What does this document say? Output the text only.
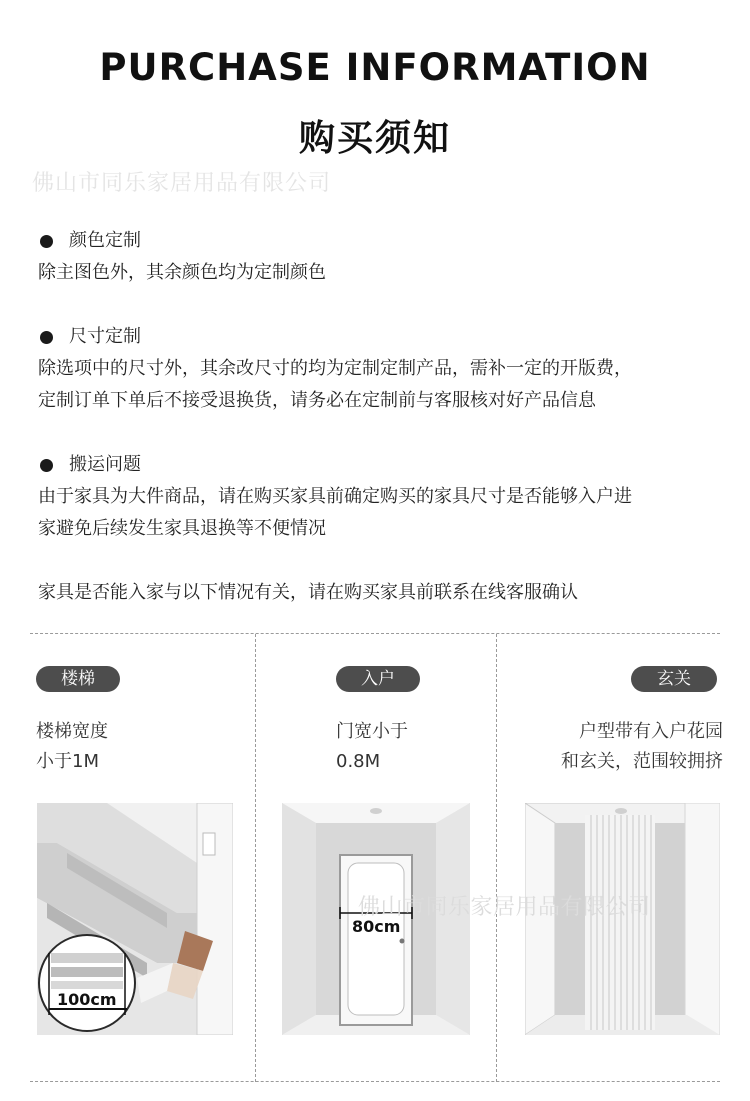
PURCHASE INFORMATION
购买须知
佛山市同乐家居用品有限公司
颜色定制
除主图色外，其余颜色均为定制颜色
尺寸定制
除选项中的尺寸外，其余改尺寸的均为定制定制产品，需补一定的开版费，
定制订单下单后不接受退换货，请务必在定制前与客服核对好产品信息
搬运问题
由于家具为大件商品，请在购买家具前确定购买的家具尺寸是否能够入户进
家避免后续发生家具退换等不便情况
家具是否能入家与以下情况有关，请在购买家具前联系在线客服确认
楼梯
楼梯宽度
小于1M
100cm
入户
门宽小于
0.8M
80cm
玄关
户型带有入户花园
和玄关，范围较拥挤
佛山市同乐家居用品有限公司
